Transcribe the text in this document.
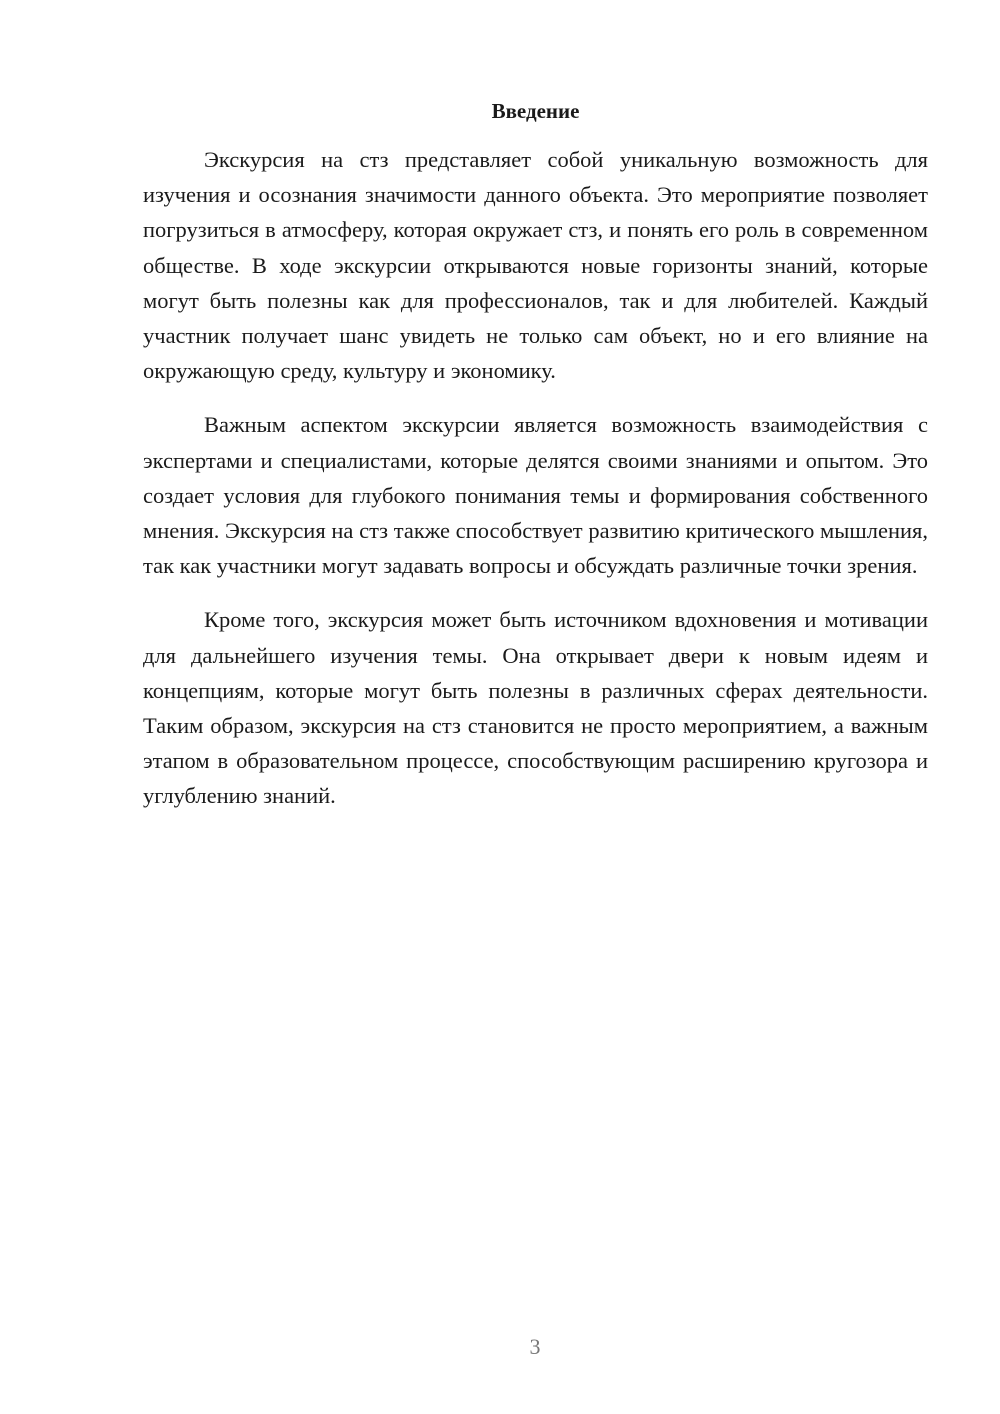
Введение

Экскурсия на стз представляет собой уникальную возможность для изучения и осознания значимости данного объекта. Это мероприятие позволяет погрузиться в атмосферу, которая окружает стз, и понять его роль в современном обществе. В ходе экскурсии открываются новые горизонты знаний, которые могут быть полезны как для профессионалов, так и для любителей. Каждый участник получает шанс увидеть не только сам объект, но и его влияние на окружающую среду, культуру и экономику.

Важным аспектом экскурсии является возможность взаимодействия с экспертами и специалистами, которые делятся своими знаниями и опытом. Это создает условия для глубокого понимания темы и формирования собственного мнения. Экскурсия на стз также способствует развитию критического мышления, так как участники могут задавать вопросы и обсуждать различные точки зрения.

Кроме того, экскурсия может быть источником вдохновения и мотивации для дальнейшего изучения темы. Она открывает двери к новым идеям и концепциям, которые могут быть полезны в различных сферах деятельности. Таким образом, экскурсия на стз становится не просто мероприятием, а важным этапом в образовательном процессе, способствующим расширению кругозора и углублению знаний.

3
